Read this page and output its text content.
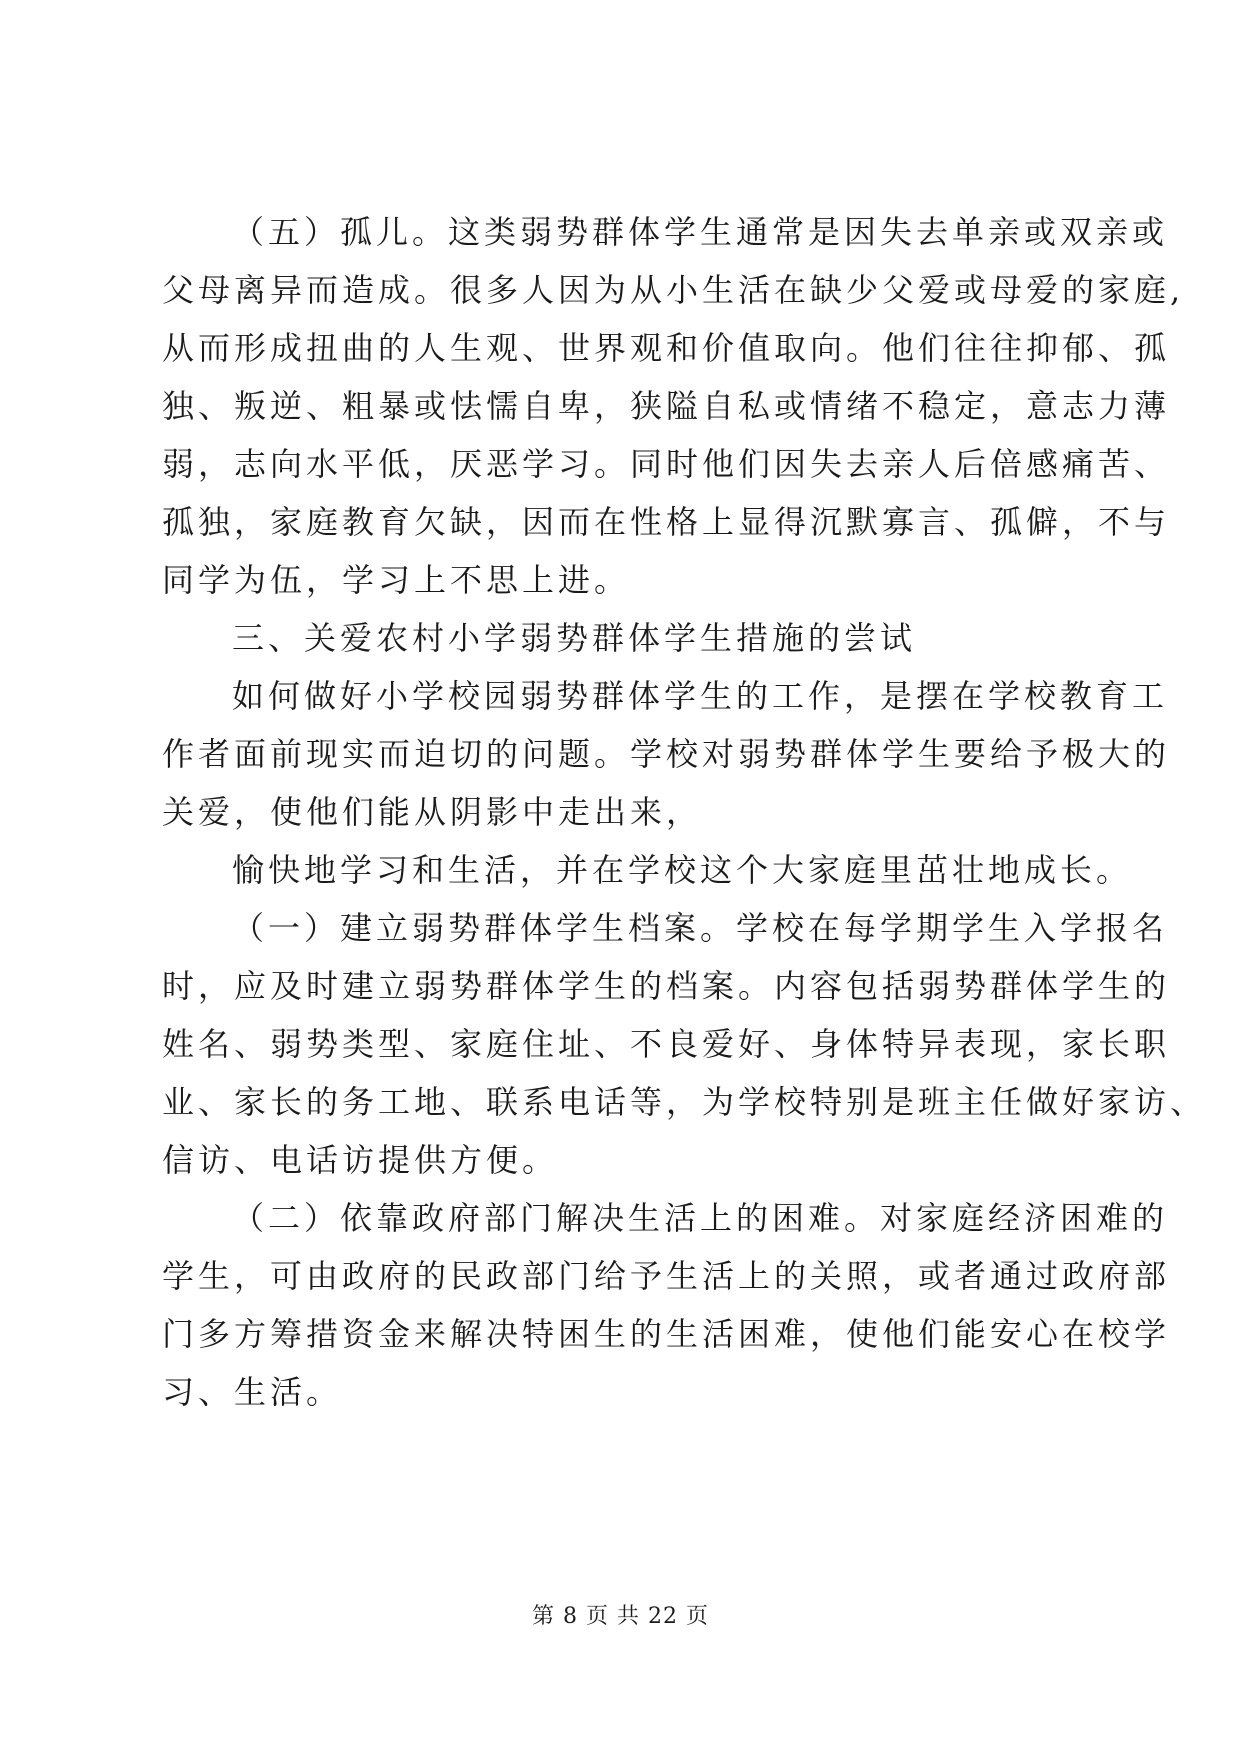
（五）孤儿。这类弱势群体学生通常是因失去单亲或双亲或
父母离异而造成。很多人因为从小生活在缺少父爱或母爱的家庭,
从而形成扭曲的人生观、世界观和价值取向。他们往往抑郁、孤
独、叛逆、粗暴或怯懦自卑，狭隘自私或情绪不稳定，意志力薄
弱，志向水平低，厌恶学习。同时他们因失去亲人后倍感痛苦、
孤独，家庭教育欠缺，因而在性格上显得沉默寡言、孤僻，不与
同学为伍，学习上不思上进。
三、关爱农村小学弱势群体学生措施的尝试
如何做好小学校园弱势群体学生的工作，是摆在学校教育工
作者面前现实而迫切的问题。学校对弱势群体学生要给予极大的
关爱，使他们能从阴影中走出来，
愉快地学习和生活，并在学校这个大家庭里茁壮地成长。
（一）建立弱势群体学生档案。学校在每学期学生入学报名
时，应及时建立弱势群体学生的档案。内容包括弱势群体学生的
姓名、弱势类型、家庭住址、不良爱好、身体特异表现，家长职
业、家长的务工地、联系电话等，为学校特别是班主任做好家访、
信访、电话访提供方便。
（二）依靠政府部门解决生活上的困难。对家庭经济困难的
学生，可由政府的民政部门给予生活上的关照，或者通过政府部
门多方筹措资金来解决特困生的生活困难，使他们能安心在校学
习、生活。
第 8 页 共 22 页
